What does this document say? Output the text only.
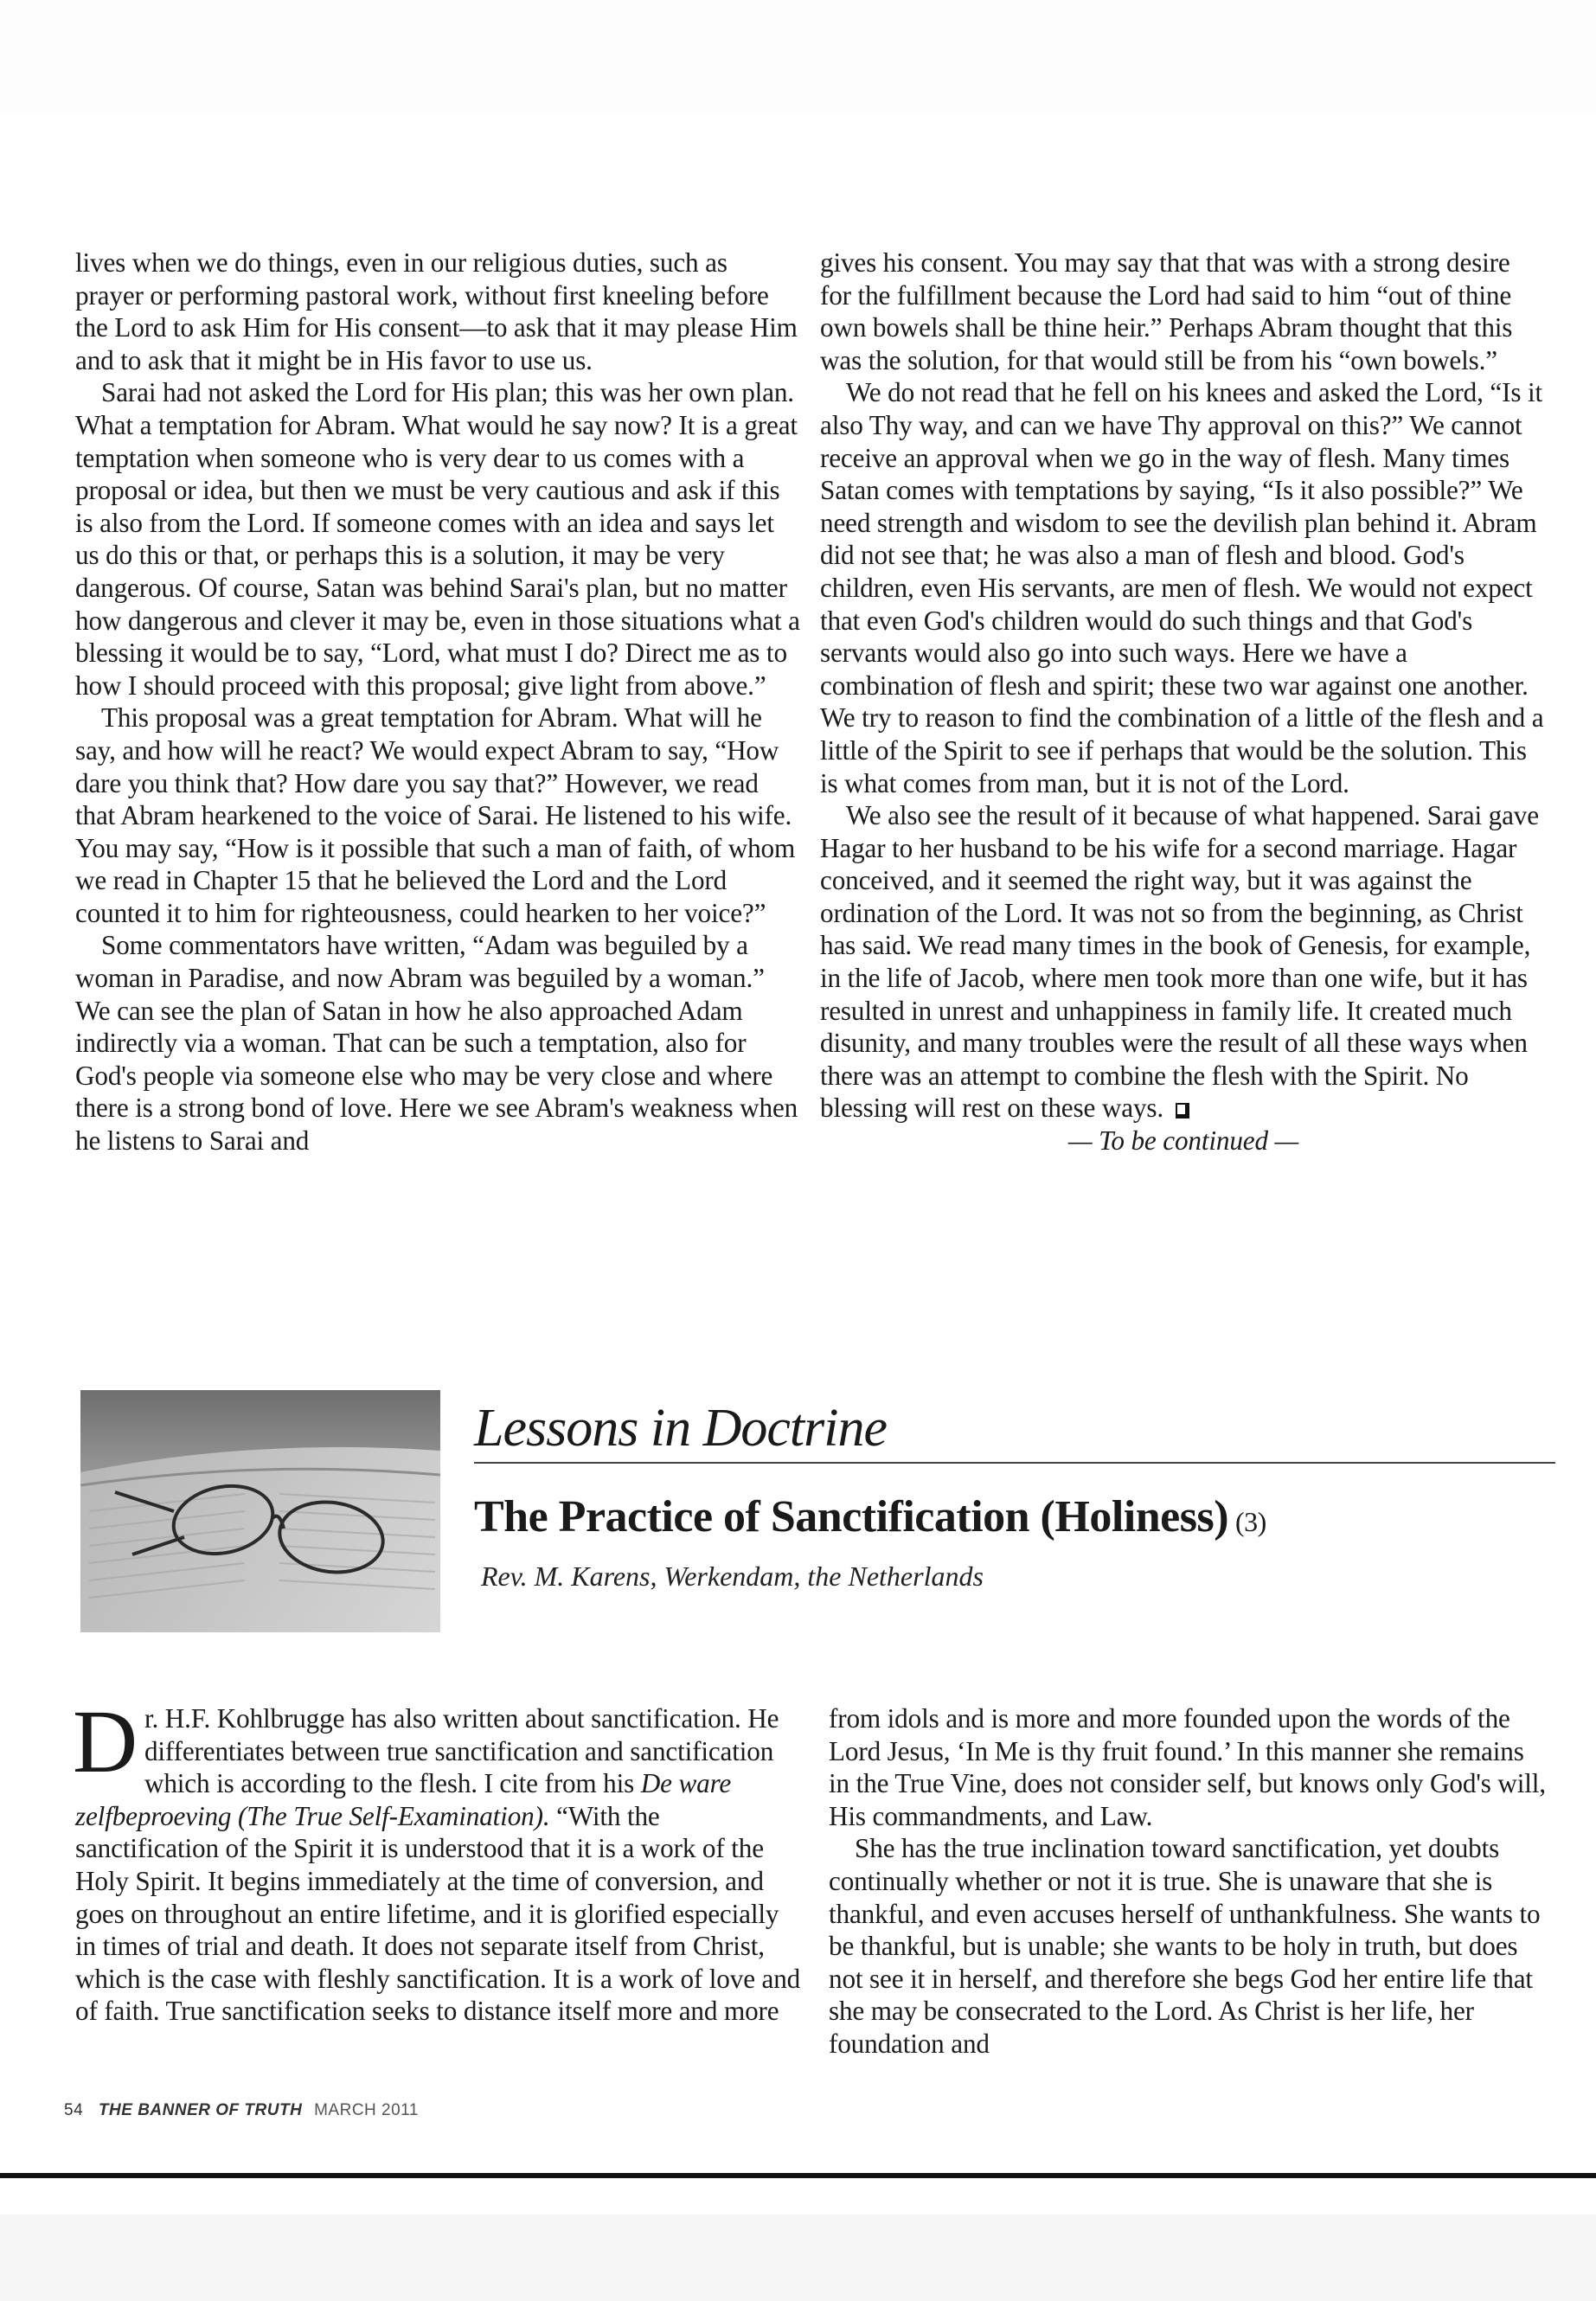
lives when we do things, even in our religious duties, such as prayer or performing pastoral work, without first kneeling before the Lord to ask Him for His consent—to ask that it may please Him and to ask that it might be in His favor to use us.

Sarai had not asked the Lord for His plan; this was her own plan. What a temptation for Abram. What would he say now? It is a great temptation when someone who is very dear to us comes with a proposal or idea, but then we must be very cautious and ask if this is also from the Lord. If someone comes with an idea and says let us do this or that, or perhaps this is a solution, it may be very dangerous. Of course, Satan was behind Sarai's plan, but no matter how dangerous and clever it may be, even in those situations what a blessing it would be to say, “Lord, what must I do? Direct me as to how I should proceed with this proposal; give light from above.”

This proposal was a great temptation for Abram. What will he say, and how will he react? We would expect Abram to say, “How dare you think that? How dare you say that?” However, we read that Abram hearkened to the voice of Sarai. He listened to his wife. You may say, “How is it possible that such a man of faith, of whom we read in Chapter 15 that he believed the Lord and the Lord counted it to him for righteousness, could hearken to her voice?”

Some commentators have written, “Adam was beguiled by a woman in Paradise, and now Abram was beguiled by a woman.” We can see the plan of Satan in how he also approached Adam indirectly via a woman. That can be such a temptation, also for God's people via someone else who may be very close and where there is a strong bond of love. Here we see Abram's weakness when he listens to Sarai and

gives his consent. You may say that that was with a strong desire for the fulfillment because the Lord had said to him “out of thine own bowels shall be thine heir.” Perhaps Abram thought that this was the solution, for that would still be from his “own bowels.”

We do not read that he fell on his knees and asked the Lord, “Is it also Thy way, and can we have Thy approval on this?” We cannot receive an approval when we go in the way of flesh. Many times Satan comes with temptations by saying, “Is it also possible?” We need strength and wisdom to see the devilish plan behind it. Abram did not see that; he was also a man of flesh and blood. God's children, even His servants, are men of flesh. We would not expect that even God's children would do such things and that God's servants would also go into such ways. Here we have a combination of flesh and spirit; these two war against one another. We try to reason to find the combination of a little of the flesh and a little of the Spirit to see if perhaps that would be the solution. This is what comes from man, but it is not of the Lord.

We also see the result of it because of what happened. Sarai gave Hagar to her husband to be his wife for a second marriage. Hagar conceived, and it seemed the right way, but it was against the ordination of the Lord. It was not so from the beginning, as Christ has said. We read many times in the book of Genesis, for example, in the life of Jacob, where men took more than one wife, but it has resulted in unrest and unhappiness in family life. It created much disunity, and many troubles were the result of all these ways when there was an attempt to combine the flesh with the Spirit. No blessing will rest on these ways.

— To be continued —

Lessons in Doctrine
The Practice of Sanctification (Holiness) (3)
Rev. M. Karens, Werkendam, the Netherlands

Dr. H.F. Kohlbrugge has also written about sanctification. He differentiates between true sanctification and sanctification which is according to the flesh. I cite from his De ware zelfbeproeving (The True Self-Examination). “With the sanctification of the Spirit it is understood that it is a work of the Holy Spirit. It begins immediately at the time of conversion, and goes on throughout an entire lifetime, and it is glorified especially in times of trial and death. It does not separate itself from Christ, which is the case with fleshly sanctification. It is a work of love and of faith. True sanctification seeks to distance itself more and more

from idols and is more and more founded upon the words of the Lord Jesus, ‘In Me is thy fruit found.’ In this manner she remains in the True Vine, does not consider self, but knows only God's will, His commandments, and Law.

She has the true inclination toward sanctification, yet doubts continually whether or not it is true. She is unaware that she is thankful, and even accuses herself of unthankfulness. She wants to be thankful, but is unable; she wants to be holy in truth, but does not see it in herself, and therefore she begs God her entire life that she may be consecrated to the Lord. As Christ is her life, her foundation and

54 THE BANNER OF TRUTH MARCH 2011
